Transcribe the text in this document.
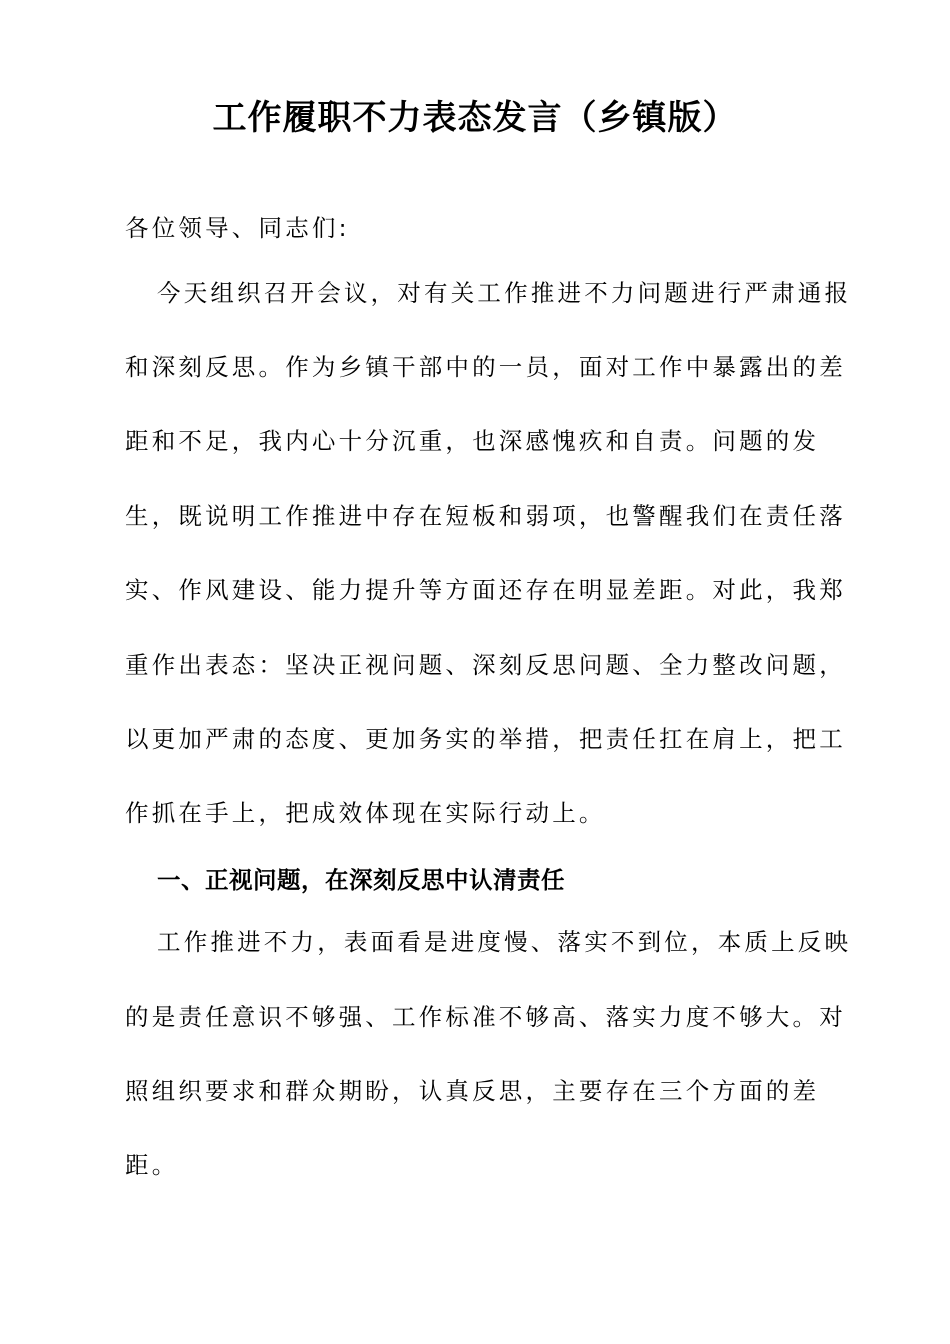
工作履职不力表态发言（乡镇版）
各位领导、同志们:
今天组织召开会议，对有关工作推进不力问题进行严肃通报
和深刻反思。作为乡镇干部中的一员，面对工作中暴露出的差
距和不足，我内心十分沉重，也深感愧疚和自责。问题的发
生，既说明工作推进中存在短板和弱项，也警醒我们在责任落
实、作风建设、能力提升等方面还存在明显差距。对此，我郑
重作出表态：坚决正视问题、深刻反思问题、全力整改问题，
以更加严肃的态度、更加务实的举措，把责任扛在肩上，把工
作抓在手上，把成效体现在实际行动上。
一、正视问题，在深刻反思中认清责任
工作推进不力，表面看是进度慢、落实不到位，本质上反映
的是责任意识不够强、工作标准不够高、落实力度不够大。对
照组织要求和群众期盼，认真反思，主要存在三个方面的差
距。
